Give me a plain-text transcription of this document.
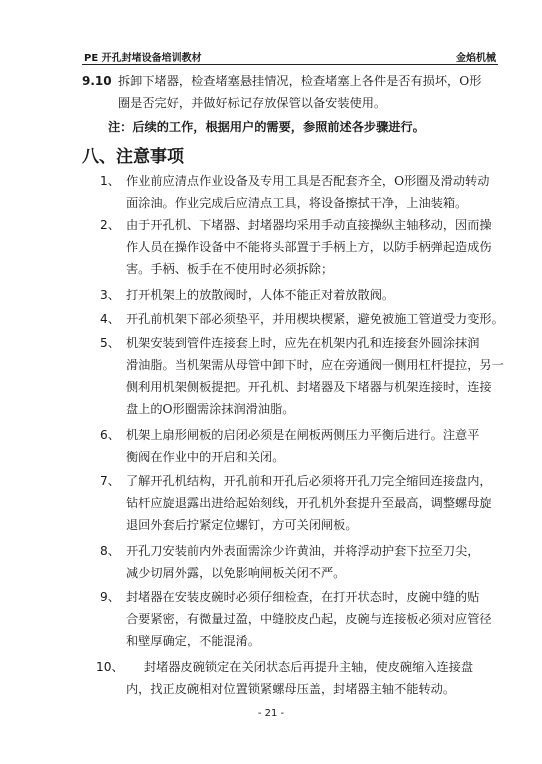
PE 开孔封堵设备培训教材	金焰机械
9.10 拆卸下堵器，检查堵塞悬挂情况，检查堵塞上各件是否有损坏，O形
圈是否完好，并做好标记存放保管以备安装使用。
注：后续的工作，根据用户的需要，参照前述各步骤进行。
八、注意事项
1、 作业前应清点作业设备及专用工具是否配套齐全，O形圈及滑动转动
面涂油。作业完成后应清点工具，将设备擦拭干净，上油装箱。
2、 由于开孔机、下堵器、封堵器均采用手动直接操纵主轴移动，因而操
作人员在操作设备中不能将头部置于手柄上方，以防手柄弹起造成伤
害。手柄、板手在不使用时必须拆除；
3、 打开机架上的放散阀时，人体不能正对着放散阀。
4、 开孔前机架下部必须垫平，并用楔块楔紧，避免被施工管道受力变形。
5、 机架安装到管件连接套上时，应先在机架内孔和连接套外圆涂抹润
滑油脂。当机架需从母管中卸下时，应在旁通阀一侧用杠杆提拉，另一
侧利用机架侧板提把。开孔机、封堵器及下堵器与机架连接时，连接
盘上的O形圈需涂抹润滑油脂。
6、 机架上扇形闸板的启闭必须是在闸板两侧压力平衡后进行。注意平
衡阀在作业中的开启和关闭。
7、 了解开孔机结构，开孔前和开孔后必须将开孔刀完全缩回连接盘内，
钻杆应旋退露出进给起始刻线，开孔机外套提升至最高，调整螺母旋
退回外套后拧紧定位螺钉，方可关闭闸板。
8、 开孔刀安装前内外表面需涂少许黄油，并将浮动护套下拉至刀尖，
减少切屑外露，以免影响闸板关闭不严。
9、 封堵器在安装皮碗时必须仔细检查，在打开状态时，皮碗中缝的贴
合要紧密，有微量过盈，中缝胶皮凸起，皮碗与连接板必须对应管径
和壁厚确定，不能混淆。
10、 封堵器皮碗锁定在关闭状态后再提升主轴，使皮碗缩入连接盘
内，找正皮碗相对位置锁紧螺母压盖，封堵器主轴不能转动。
- 21 -
